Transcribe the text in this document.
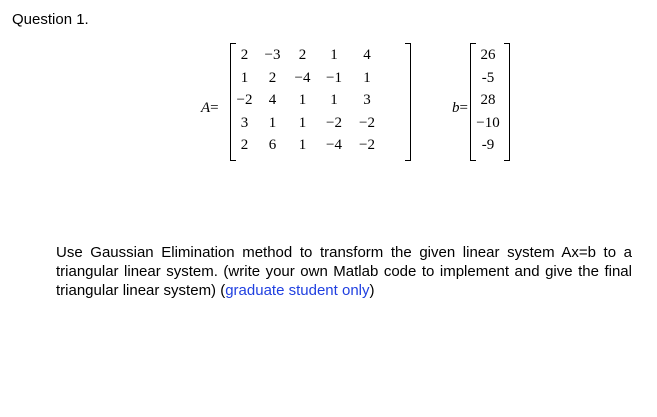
Question 1.
A=
2	−3	2	1	4
1	2	−4	−1	1
−2	4	1	1	3
3	1	1	−2	−2
2	6	1	−4	−2
b=
26
-5
28
−10
-9
Use Gaussian Elimination method to transform the given linear system Ax=b to a triangular linear system. (write your own Matlab code to implement and give the final triangular linear system) (graduate student only)
